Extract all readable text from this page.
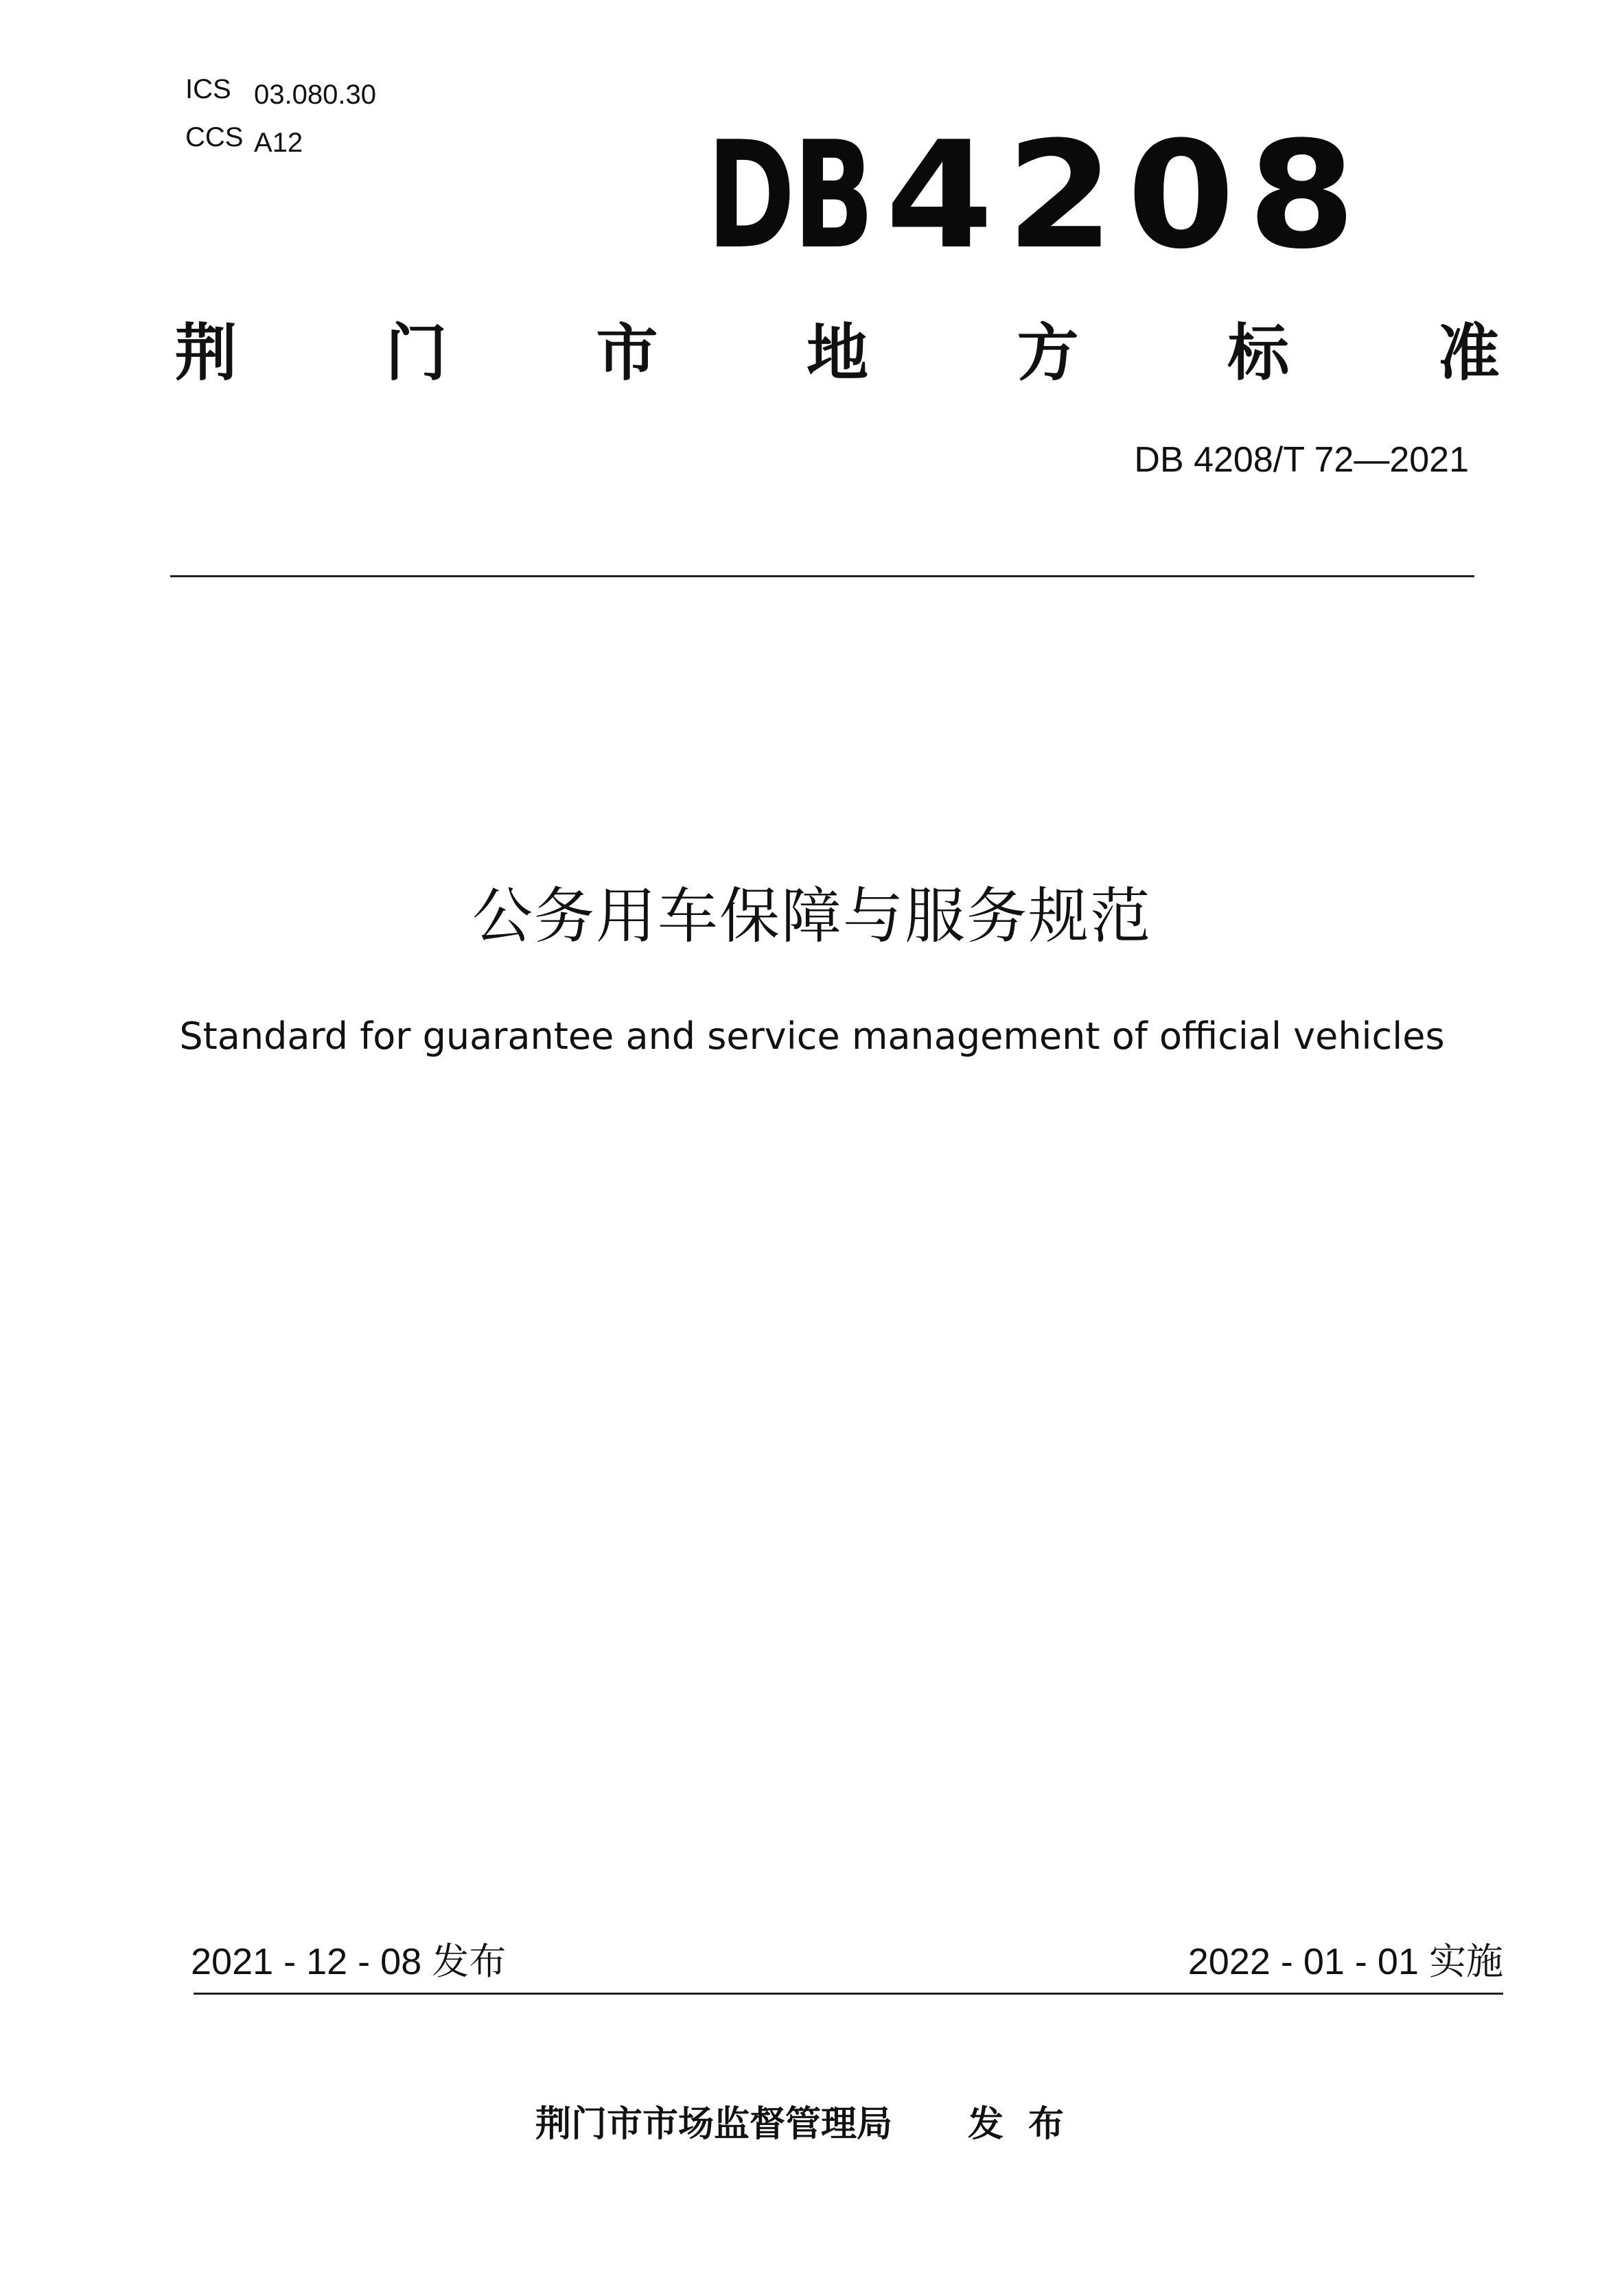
ICS 03.080.30
CCS A12	DB4208
荆 门 市 地 方 标 准
DB 4208/T 72—2021
公务用车保障与服务规范
Standard for guarantee and service management of official vehicles
2021 - 12 - 08 发布	2022 - 01 - 01 实施
荆门市市场监督管理局 发布
